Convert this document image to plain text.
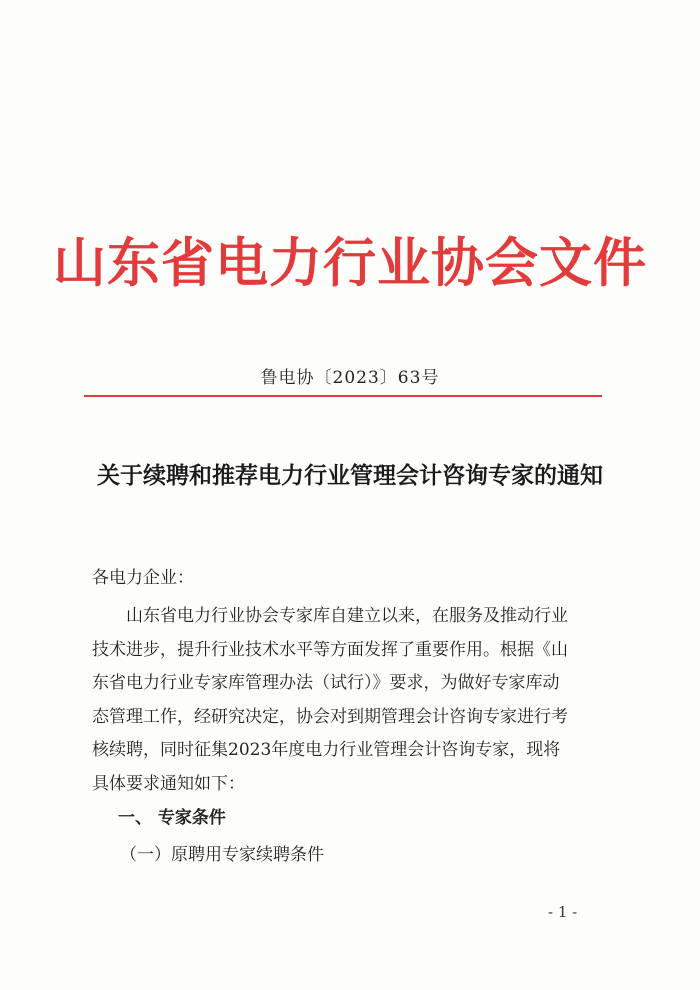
山东省电力行业协会文件
鲁电协〔2023〕63号
关于续聘和推荐电力行业管理会计咨询专家的通知
各电力企业：
山东省电力行业协会专家库自建立以来，在服务及推动行业
技术进步，提升行业技术水平等方面发挥了重要作用。根据《山
东省电力行业专家库管理办法（试行）》要求，为做好专家库动
态管理工作，经研究决定，协会对到期管理会计咨询专家进行考
核续聘，同时征集2023年度电力行业管理会计咨询专家，现将
具体要求通知如下：
一、 专家条件
（一）原聘用专家续聘条件
- 1 -
